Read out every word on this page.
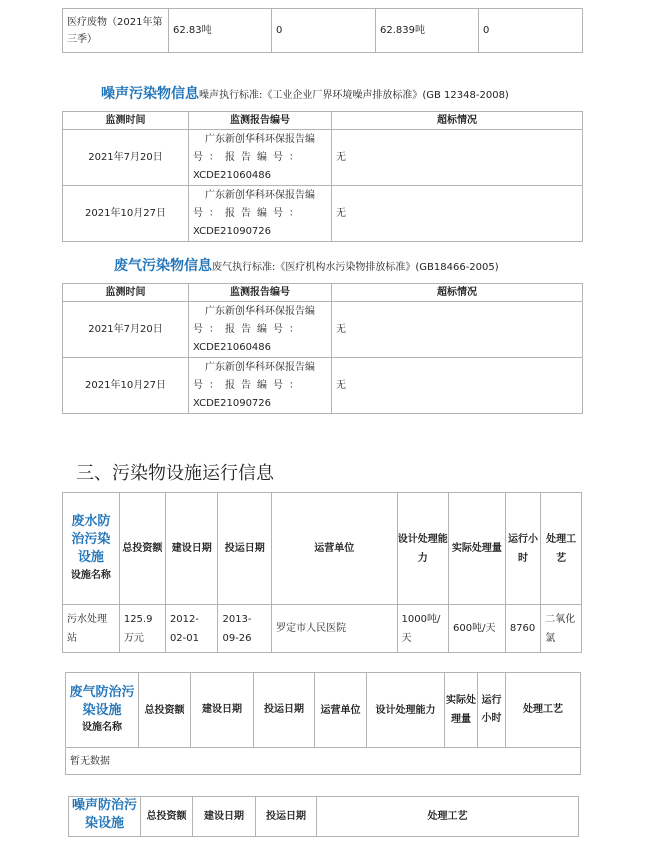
医疗废物（2021年第三季）	62.83吨	0	62.839吨	0
噪声污染物信息噪声执行标准:《工业企业厂界环境噪声排放标准》(GB 12348-2008)
监测时间	监测报告编号	超标情况
2021年7月20日	广东新创华科环保报告编
号：报告编号：
XCDE21060486	无
2021年10月27日	广东新创华科环保报告编
号：报告编号：
XCDE21090726	无
废气污染物信息废气执行标准:《医疗机构水污染物排放标准》(GB18466-2005)
监测时间	监测报告编号	超标情况
2021年7月20日	广东新创华科环保报告编
号：报告编号：
XCDE21060486	无
2021年10月27日	广东新创华科环保报告编
号：报告编号：
XCDE21090726	无
三、污染物设施运行信息
废水防治污染设施
设施名称	总投资额	建设日期	投运日期	运营单位	设计处理能力	实际处理量	运行小时	处理工艺
污水处理站	125.9万元	2012-02-01	2013-09-26	罗定市人民医院	1000吨/天	600吨/天	8760	二氧化氯
废气防治污染设施
设施名称
	总投资额	建设日期	投运日期	运营单位	设计处理能力	实际处理量	运行小时	处理工艺
暂无数据
噪声防治污染设施	总投资额	建设日期	投运日期	处理工艺
